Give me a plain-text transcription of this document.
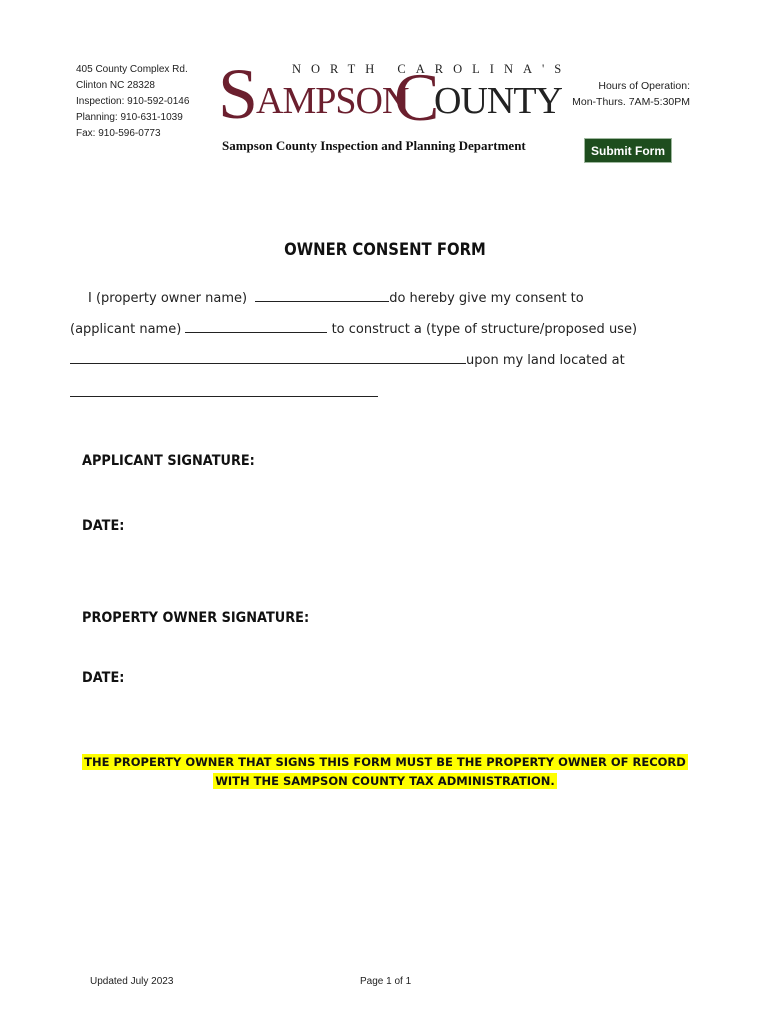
405 County Complex Rd.
Clinton NC 28328
Inspection: 910-592-0146
Planning: 910-631-1039
Fax: 910-596-0773
NORTH CAROLINA'S
S
AMPSON
C
OUNTY	Hours of Operation:
Mon-Thurs. 7AM-5:30PM
Sampson County Inspection and Planning Department	Submit Form
OWNER CONSENT FORM
I (property owner name)	do hereby give my consent to
(applicant name)	to construct a (type of structure/proposed use)
upon my land located at
APPLICANT SIGNATURE:
DATE:
PROPERTY OWNER SIGNATURE:
DATE:
THE PROPERTY OWNER THAT SIGNS THIS FORM MUST BE THE PROPERTY OWNER OF RECORD
WITH THE SAMPSON COUNTY TAX ADMINISTRATION.
Updated July 2023	Page 1 of 1
